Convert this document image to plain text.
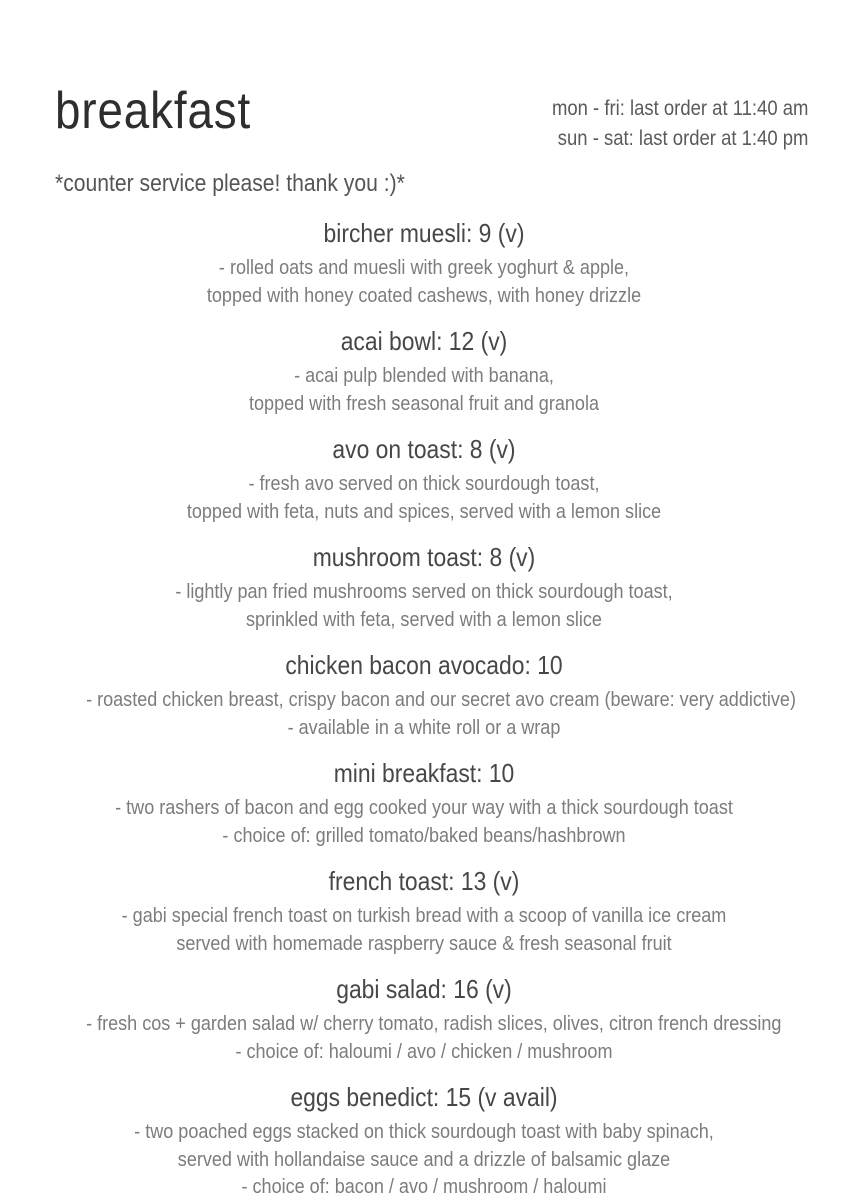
breakfast	mon - fri: last order at 11:40 am
sun - sat: last order at 1:40 pm

*counter service please! thank you :)*

bircher muesli: 9 (v)

- rolled oats and muesli with greek yoghurt & apple,

topped with honey coated cashews, with honey drizzle

acai bowl: 12 (v)

- acai pulp blended with banana,

topped with fresh seasonal fruit and granola

avo on toast: 8 (v)

- fresh avo served on thick sourdough toast,

topped with feta, nuts and spices, served with a lemon slice

mushroom toast: 8 (v)

- lightly pan fried mushrooms served on thick sourdough toast,

sprinkled with feta, served with a lemon slice

chicken bacon avocado: 10

- roasted chicken breast, crispy bacon and our secret avo cream (beware: very addictive)

- available in a white roll or a wrap

mini breakfast: 10

- two rashers of bacon and egg cooked your way with a thick sourdough toast

- choice of: grilled tomato/baked beans/hashbrown

french toast: 13 (v)

- gabi special french toast on turkish bread with a scoop of vanilla ice cream

served with homemade raspberry sauce & fresh seasonal fruit

gabi salad: 16 (v)

- fresh cos + garden salad w/ cherry tomato, radish slices, olives, citron french dressing

- choice of: haloumi / avo / chicken / mushroom

eggs benedict: 15 (v avail)

- two poached eggs stacked on thick sourdough toast with baby spinach,

served with hollandaise sauce and a drizzle of balsamic glaze

- choice of: bacon / avo / mushroom / haloumi
